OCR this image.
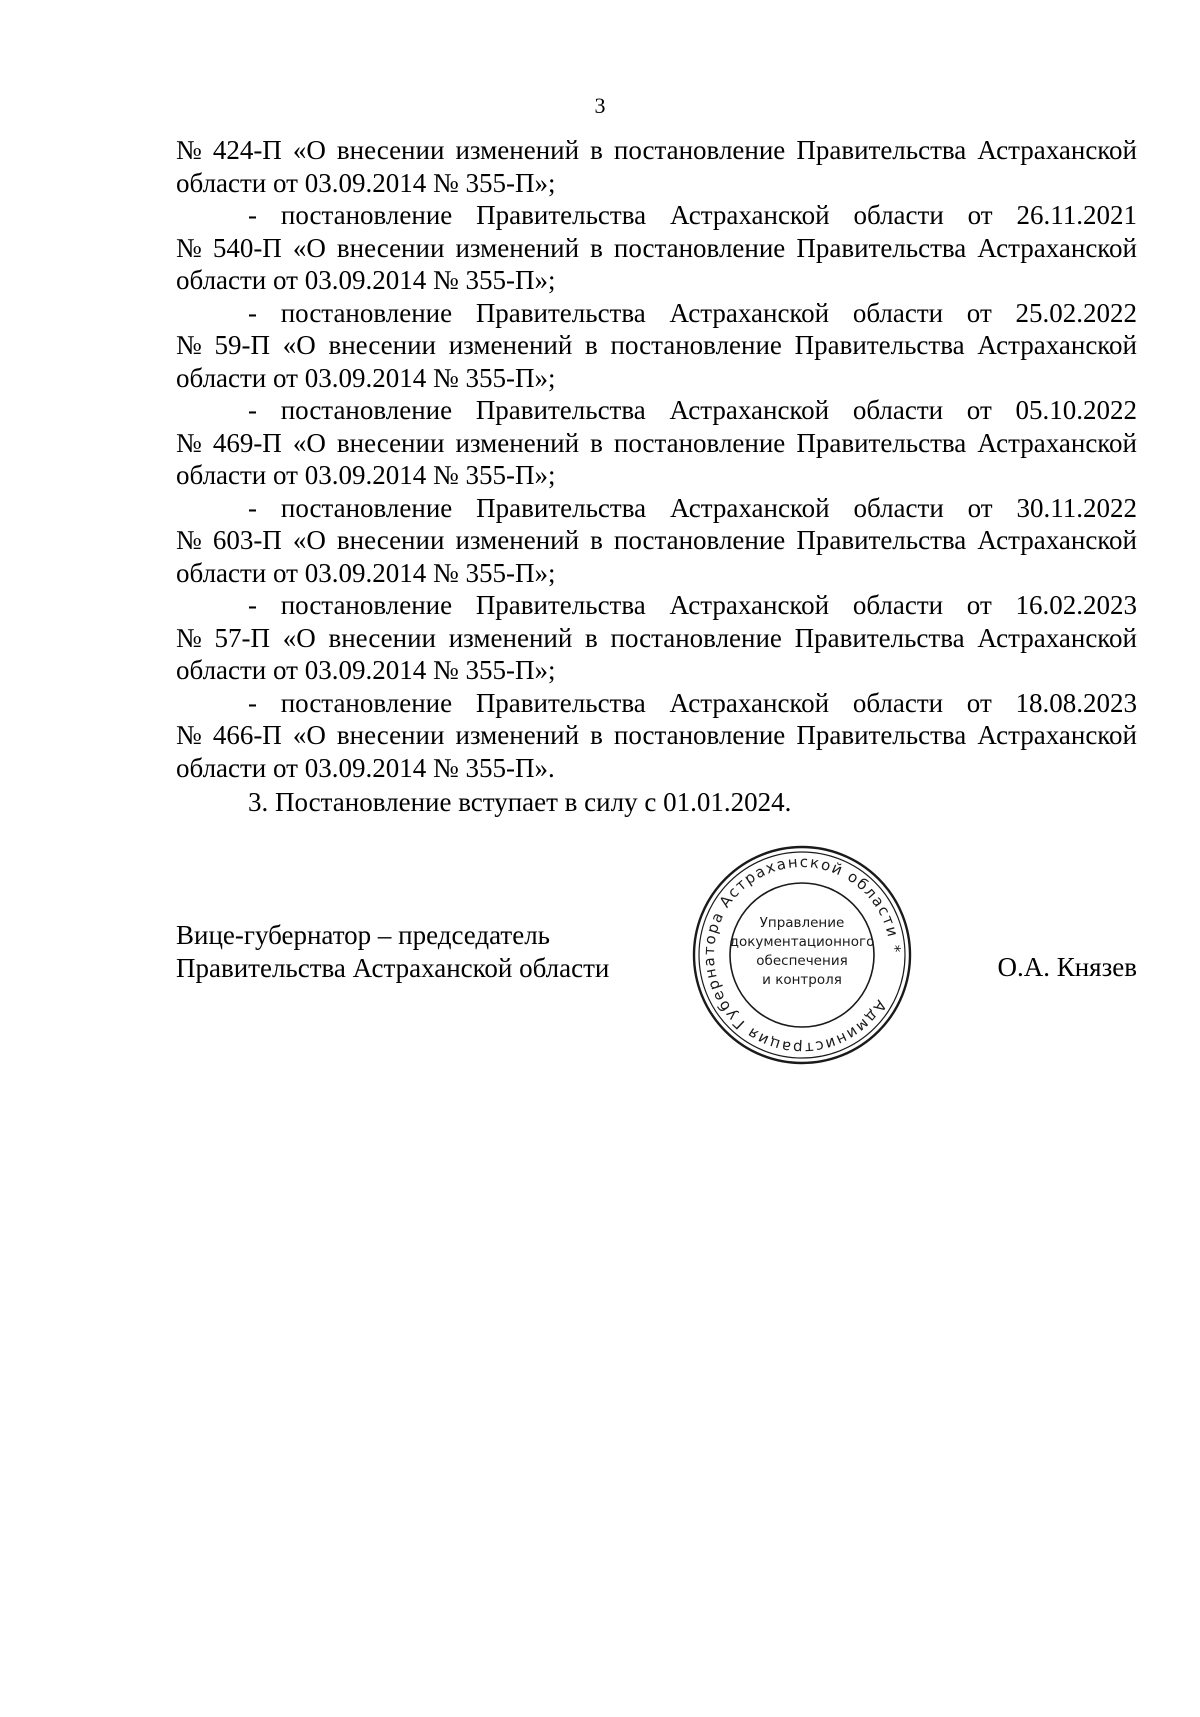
3
№ 424-П «О внесении изменений в постановление Правительства Астраханской
области от 03.09.2014 № 355-П»;
- постановление Правительства Астраханской области от 26.11.2021
№ 540-П «О внесении изменений в постановление Правительства Астраханской
области от 03.09.2014 № 355-П»;
- постановление Правительства Астраханской области от 25.02.2022
№ 59-П «О внесении изменений в постановление Правительства Астраханской
области от 03.09.2014 № 355-П»;
- постановление Правительства Астраханской области от 05.10.2022
№ 469-П «О внесении изменений в постановление Правительства Астраханской
области от 03.09.2014 № 355-П»;
- постановление Правительства Астраханской области от 30.11.2022
№ 603-П «О внесении изменений в постановление Правительства Астраханской
области от 03.09.2014 № 355-П»;
- постановление Правительства Астраханской области от 16.02.2023
№ 57-П «О внесении изменений в постановление Правительства Астраханской
области от 03.09.2014 № 355-П»;
- постановление Правительства Астраханской области от 18.08.2023
№ 466-П «О внесении изменений в постановление Правительства Астраханской
области от 03.09.2014 № 355-П».
3. Постановление вступает в силу с 01.01.2024.
Вице-губернатор – председатель
Правительства Астраханской области
Администрация Губернатора Астраханской области *
Управление
документационного
обеспечения
и контроля	О.А. Князев
